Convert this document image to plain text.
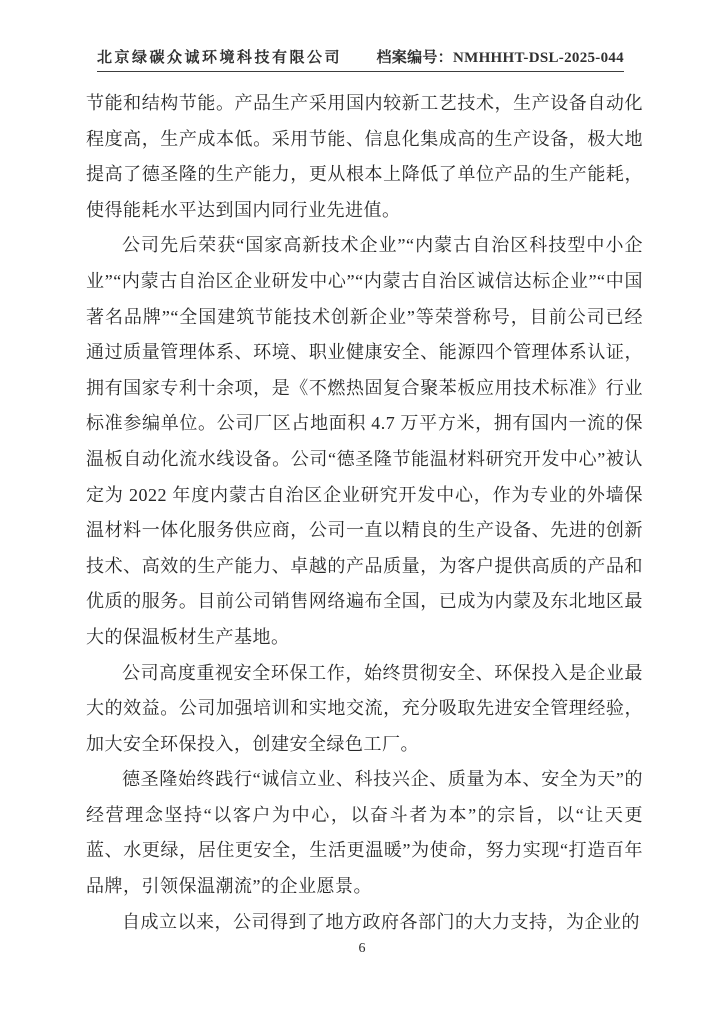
北京绿碳众诚环境科技有限公司 档案编号：NMHHHT-DSL-2025-044

节能和结构节能。产品生产采用国内较新工艺技术，生产设备自动化程度高，生产成本低。采用节能、信息化集成高的生产设备，极大地提高了德圣隆的生产能力，更从根本上降低了单位产品的生产能耗，使得能耗水平达到国内同行业先进值。

公司先后荣获“国家高新技术企业”“内蒙古自治区科技型中小企业”“内蒙古自治区企业研发中心”“内蒙古自治区诚信达标企业”“中国著名品牌”“全国建筑节能技术创新企业”等荣誉称号，目前公司已经通过质量管理体系、环境、职业健康安全、能源四个管理体系认证，拥有国家专利十余项，是《不燃热固复合聚苯板应用技术标准》行业标准参编单位。公司厂区占地面积 4.7 万平方米，拥有国内一流的保温板自动化流水线设备。公司“德圣隆节能温材料研究开发中心”被认定为 2022 年度内蒙古自治区企业研究开发中心，作为专业的外墙保温材料一体化服务供应商，公司一直以精良的生产设备、先进的创新技术、高效的生产能力、卓越的产品质量，为客户提供高质的产品和优质的服务。目前公司销售网络遍布全国，已成为内蒙及东北地区最大的保温板材生产基地。

公司高度重视安全环保工作，始终贯彻安全、环保投入是企业最大的效益。公司加强培训和实地交流，充分吸取先进安全管理经验，加大安全环保投入，创建安全绿色工厂。

德圣隆始终践行“诚信立业、科技兴企、质量为本、安全为天”的经营理念坚持“以客户为中心，以奋斗者为本”的宗旨，以“让天更蓝、水更绿，居住更安全，生活更温暖”为使命，努力实现“打造百年品牌，引领保温潮流”的企业愿景。

自成立以来，公司得到了地方政府各部门的大力支持，为企业的

6
